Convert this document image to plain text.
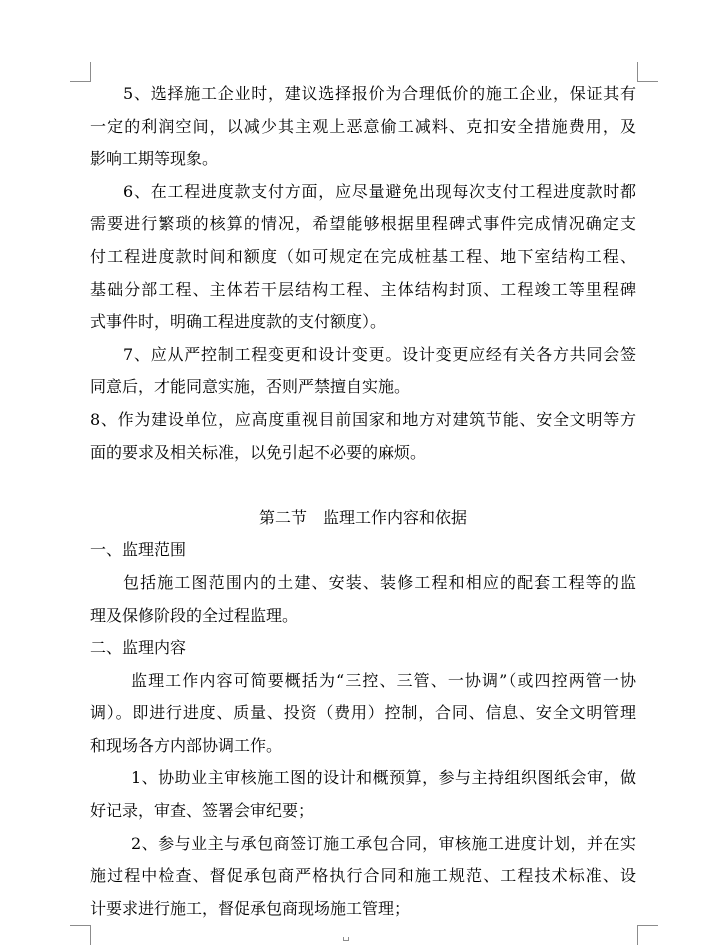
5、选择施工企业时，建议选择报价为合理低价的施工企业，保证其有
一定的利润空间，以减少其主观上恶意偷工减料、克扣安全措施费用，及
影响工期等现象。
6、在工程进度款支付方面，应尽量避免出现每次支付工程进度款时都
需要进行繁琐的核算的情况，希望能够根据里程碑式事件完成情况确定支
付工程进度款时间和额度（如可规定在完成桩基工程、地下室结构工程、
基础分部工程、主体若干层结构工程、主体结构封顶、工程竣工等里程碑
式事件时，明确工程进度款的支付额度）。
7、应从严控制工程变更和设计变更。设计变更应经有关各方共同会签
同意后，才能同意实施，否则严禁擅自实施。
8、作为建设单位，应高度重视目前国家和地方对建筑节能、安全文明等方
面的要求及相关标准，以免引起不必要的麻烦。
第二节　监理工作内容和依据
一、监理范围
包括施工图范围内的土建、安装、装修工程和相应的配套工程等的监
理及保修阶段的全过程监理。
二、监理内容
监理工作内容可简要概括为“三控、三管、一协调”（或四控两管一协
调）。即进行进度、质量、投资（费用）控制，合同、信息、安全文明管理
和现场各方内部协调工作。
1、协助业主审核施工图的设计和概预算，参与主持组织图纸会审，做
好记录，审查、签署会审纪要；
2、参与业主与承包商签订施工承包合同，审核施工进度计划，并在实
施过程中检查、督促承包商严格执行合同和施工规范、工程技术标准、设
计要求进行施工，督促承包商现场施工管理；
